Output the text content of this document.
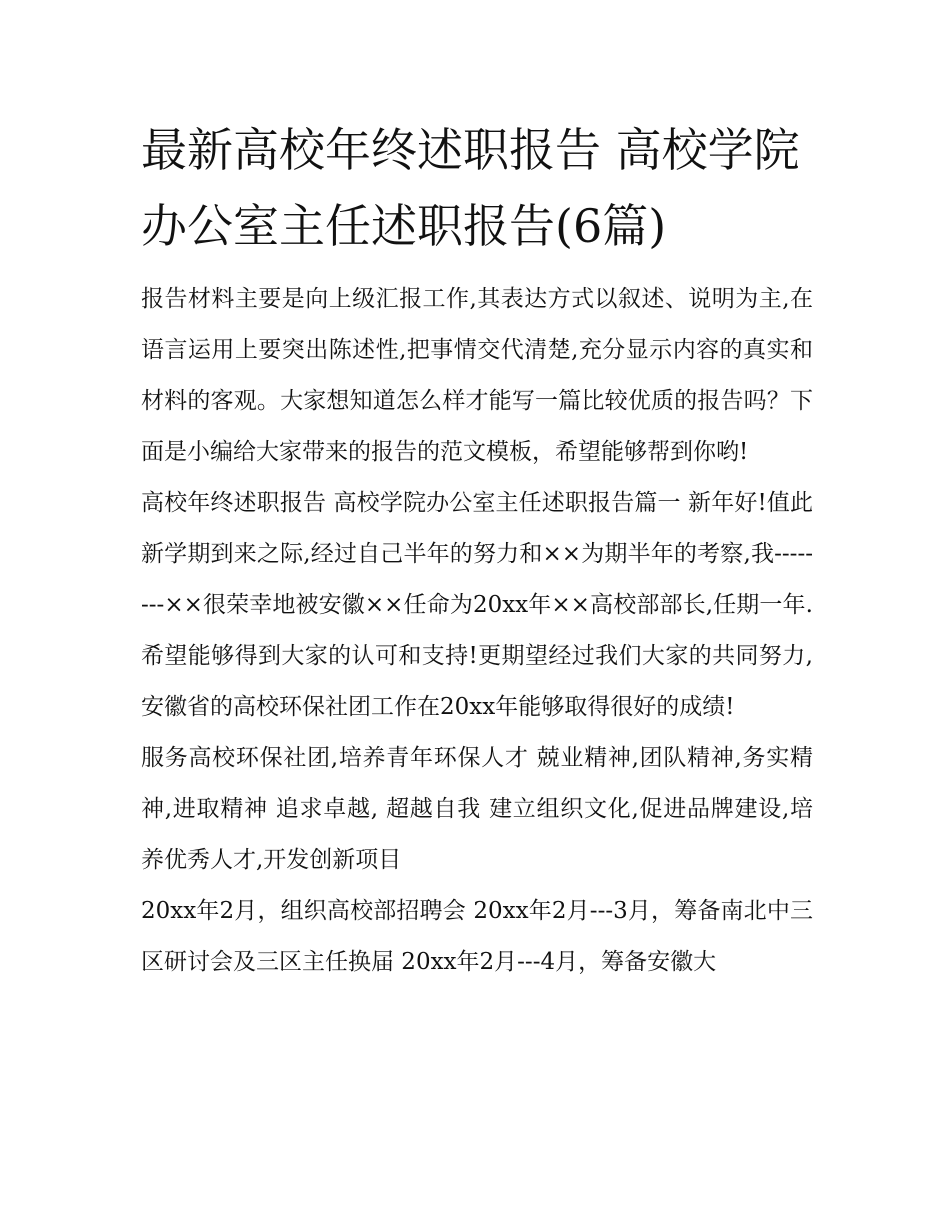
最新高校年终述职报告 高校学院办公室主任述职报告(6篇)

报告材料主要是向上级汇报工作,其表达方式以叙述、说明为主,在语言运用上要突出陈述性,把事情交代清楚,充分显示内容的真实和材料的客观。大家想知道怎么样才能写一篇比较优质的报告吗？下面是小编给大家带来的报告的范文模板，希望能够帮到你哟!

高校年终述职报告 高校学院办公室主任述职报告篇一 新年好!值此新学期到来之际,经过自己半年的努力和××为期半年的考察,我--------××很荣幸地被安徽××任命为20xx年××高校部部长,任期一年.希望能够得到大家的认可和支持!更期望经过我们大家的共同努力,安徽省的高校环保社团工作在20xx年能够取得很好的成绩!

服务高校环保社团,培养青年环保人才 兢业精神,团队精神,务实精神,进取精神 追求卓越, 超越自我 建立组织文化,促进品牌建设,培养优秀人才,开发创新项目

20xx年2月，组织高校部招聘会 20xx年2月---3月，筹备南北中三区研讨会及三区主任换届 20xx年2月---4月，筹备安徽大
